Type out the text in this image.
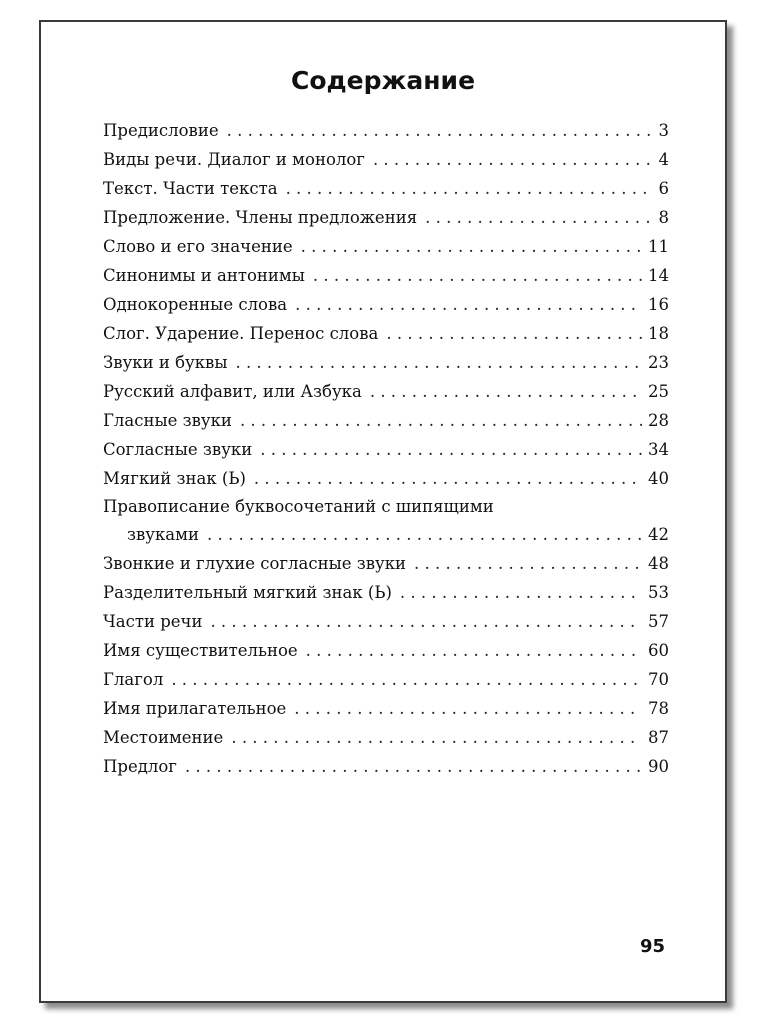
Содержание
Предисловие . . .	3
Виды речи. Диалог и монолог . . .	4
Текст. Части текста . . .	6
Предложение. Члены предложения . . .	8
Слово и его значение . . .	11
Синонимы и антонимы . . .	14
Однокоренные слова . . .	16
Слог. Ударение. Перенос слова . . .	18
Звуки и буквы . . .	23
Русский алфавит, или Азбука . . .	25
Гласные звуки . . .	28
Согласные звуки . . .	34
Мягкий знак (Ь) . . .	40
Правописание буквосочетаний с шипящими
звуками . . .	42
Звонкие и глухие согласные звуки . . .	48
Разделительный мягкий знак (Ь) . . .	53
Части речи . . .	57
Имя существительное . . .	60
Глагол . . .	70
Имя прилагательное . . .	78
Местоимение . . .	87
Предлог . . .	90
95
